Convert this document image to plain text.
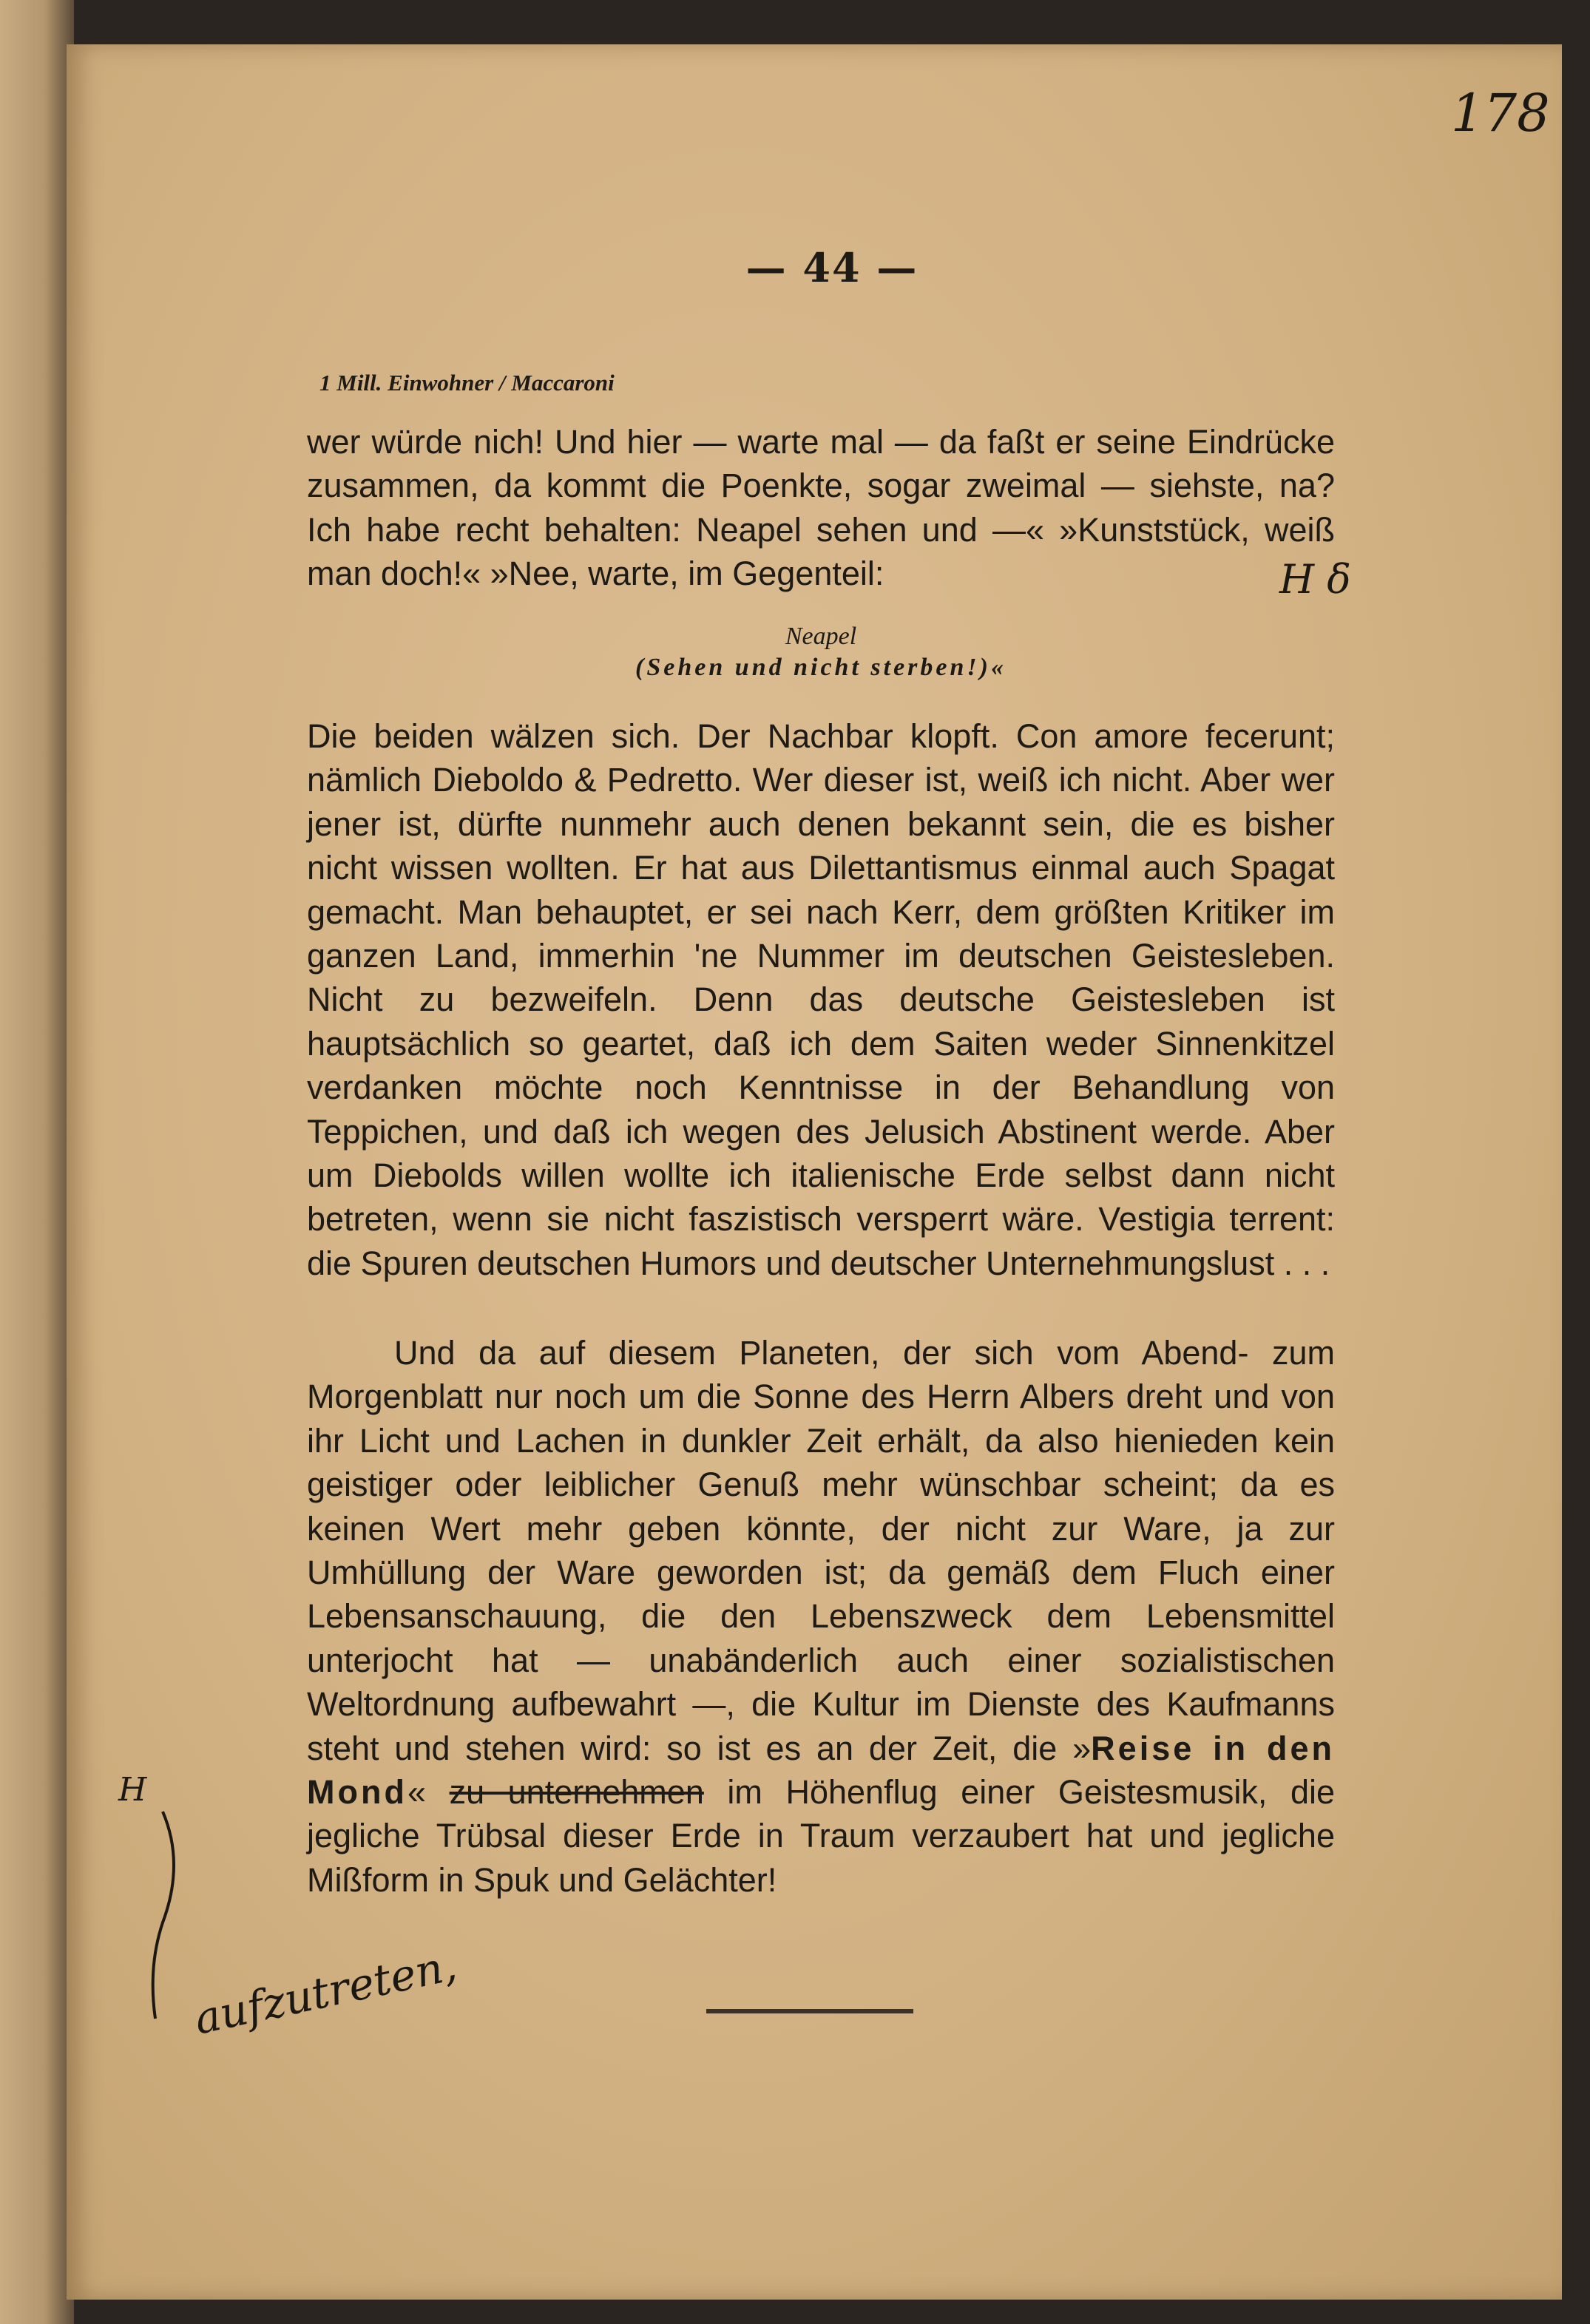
178
— 44 —
1 Mill. Einwohner / Maccaroni

wer würde nich! Und hier — warte mal — da faßt er seine Eindrücke zusammen, da kommt die Poenkte, sogar zweimal — siehste, na? Ich habe recht behalten: Neapel sehen und —« »Kunststück, weiß man doch!« »Nee, warte, im Gegenteil:	H δ
Neapel
(Sehen und nicht sterben!)«

Die beiden wälzen sich. Der Nachbar klopft. Con amore fecerunt; nämlich Dieboldo & Pedretto. Wer dieser ist, weiß ich nicht. Aber wer jener ist, dürfte nunmehr auch denen bekannt sein, die es bisher nicht wissen wollten. Er hat aus Dilettantismus einmal auch Spagat gemacht. Man behauptet, er sei nach Kerr, dem größten Kritiker im ganzen Land, immerhin 'ne Nummer im deutschen Geistesleben. Nicht zu bezweifeln. Denn das deutsche Geistesleben ist hauptsächlich so geartet, daß ich dem Saiten weder Sinnenkitzel verdanken möchte noch Kenntnisse in der Behandlung von Teppichen, und daß ich wegen des Jelusich Abstinent werde. Aber um Diebolds willen wollte ich italienische Erde selbst dann nicht betreten, wenn sie nicht faszistisch versperrt wäre. Vestigia terrent: die Spuren deutschen Humors und deutscher Unternehmungslust . . .

Und da auf diesem Planeten, der sich vom Abend- zum Morgenblatt nur noch um die Sonne des Herrn Albers dreht und von ihr Licht und Lachen in dunkler Zeit erhält, da also hienieden kein geistiger oder leiblicher Genuß mehr wünschbar scheint; da es keinen Wert mehr geben könnte, der nicht zur Ware, ja zur Umhüllung der Ware geworden ist; da gemäß dem Fluch einer Lebensanschauung, die den Lebenszweck dem Lebensmittel unterjocht hat — unabänderlich auch einer sozialistischen Weltordnung aufbewahrt —, die Kultur im Dienste des Kaufmanns steht und stehen wird: so ist es an der Zeit, die »Reise in den Mond« zu unternehmen im Höhenflug einer Geistesmusik, die jegliche Trübsal dieser Erde in Traum verzaubert hat und jegliche Mißform in Spuk und Gelächter!

H
aufzutreten,
